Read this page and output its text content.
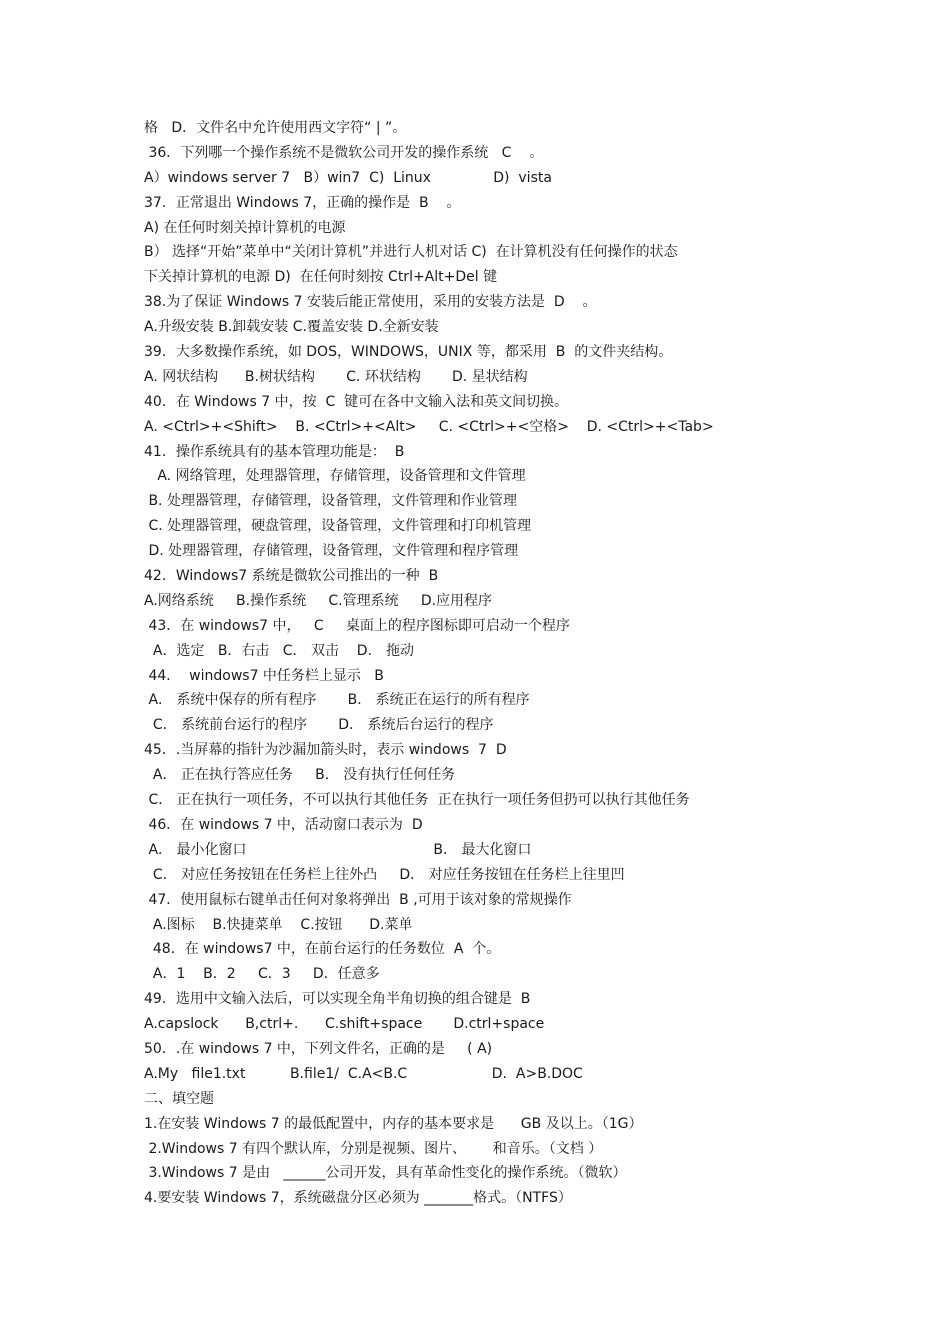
格   D．文件名中允许使用西文字符“ | ”。
36．下列哪一个操作系统不是微软公司开发的操作系统   C    。
A）windows server 7   B）win7  C)  Linux              D)  vista
37．正常退出 Windows 7，正确的操作是  B    。
A) 在任何时刻关掉计算机的电源
B） 选择“开始”菜单中“关闭计算机”并进行人机对话 C)  在计算机没有任何操作的状态
下关掉计算机的电源 D)  在任何时刻按 Ctrl+Alt+Del 键
38.为了保证 Windows 7 安装后能正常使用，采用的安装方法是  D    。
A.升级安装 B.卸载安装 C.覆盖安装 D.全新安装
39．大多数操作系统，如 DOS，WINDOWS，UNIX 等，都采用  B  的文件夹结构。
A. 网状结构      B.树状结构       C. 环状结构       D. 星状结构
40．在 Windows 7 中，按  C  键可在各中文输入法和英文间切换。
A. <Ctrl>+<Shift>    B. <Ctrl>+<Alt>     C. <Ctrl>+<空格>    D. <Ctrl>+<Tab>
41．操作系统具有的基本管理功能是：  B
A. 网络管理，处理器管理，存储管理，设备管理和文件管理
B. 处理器管理，存储管理，设备管理，文件管理和作业管理
C. 处理器管理，硬盘管理，设备管理，文件管理和打印机管理
D. 处理器管理，存储管理，设备管理，文件管理和程序管理
42．Windows7 系统是微软公司推出的一种  B
A.网络系统     B.操作系统     C.管理系统     D.应用程序
43．在 windows7 中，   C     桌面上的程序图标即可启动一个程序
A．选定   B．右击   C． 双击    D． 拖动
44．  windows7 中任务栏上显示   B
A． 系统中保存的所有程序       B． 系统正在运行的所有程序
C． 系统前台运行的程序       D． 系统后台运行的程序
45．.当屏幕的指针为沙漏加箭头时，表示 windows  7  D
A． 正在执行答应任务     B． 没有执行任何任务
C． 正在执行一项任务，不可以执行其他任务  正在执行一项任务但扔可以执行其他任务
46．在 windows 7 中，活动窗口表示为  D
A． 最小化窗口                                          B． 最大化窗口
C． 对应任务按钮在任务栏上往外凸     D． 对应任务按钮在任务栏上往里凹
47．使用鼠标右键单击任何对象将弹出  B ,可用于该对象的常规操作
A.图标    B.快捷菜单    C.按钮      D.菜单
48．在 windows7 中，在前台运行的任务数位  A  个。
A．1    B．2     C．3     D．任意多
49．选用中文输入法后，可以实现全角半角切换的组合键是  B
A.capslock      B,ctrl+.      C.shift+space       D.ctrl+space
50．.在 windows 7 中，下列文件名，正确的是     ( A)
A.My   file1.txt          B.file1/  C.A<B.C                   D.  A>B.DOC
二、填空题
1.在安装 Windows 7 的最低配置中，内存的基本要求是      GB 及以上。（1G）
2.Windows 7 有四个默认库，分别是视频、图片、      和音乐。（文档 ）
3.Windows 7 是由   ______公司开发，具有革命性变化的操作系统。（微软）
4.要安装 Windows 7，系统磁盘分区必须为 _______格式。（NTFS）
